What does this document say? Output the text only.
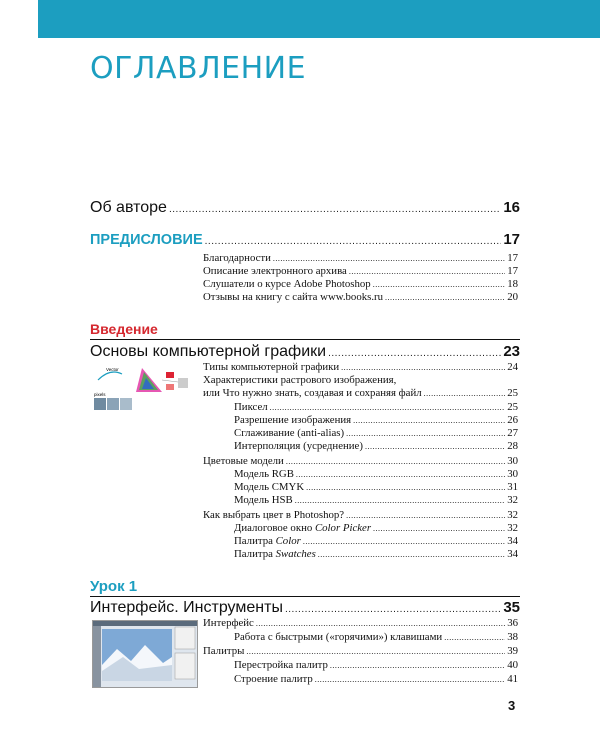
ОГЛАВЛЕНИЕ
Об авторе .....	16
ПРЕДИСЛОВИЕ .....	17
Благодарности .....	17
Описание электронного архива .....	17
Слушатели о курсе Adobe Photoshop .....	18
Отзывы на книгу с сайта www.books.ru .....	20
Введение
Основы компьютерной графики .....	23
Vector
pixels
Типы компьютерной графики .....	24
Характеристики растрового изображения,
или Что нужно знать, создавая и сохраняя файл .....	25
Пиксел .....	25
Разрешение изображения .....	26
Сглаживание (anti-alias) .....	27
Интерполяция (усреднение) .....	28
Цветовые модели .....	30
Модель RGB .....	30
Модель CMYK .....	31
Модель HSB .....	32
Как выбрать цвет в Photoshop? .....	32
Диалоговое окно Color Picker .....	32
Палитра Color .....	34
Палитра Swatches .....	34
Урок 1
Интерфейс. Инструменты .....	35
Интерфейс .....	36
Работа с быстрыми («горячими») клавишами .....	38
Палитры .....	39
Перестройка палитр .....	40
Строение палитр .....	41
3
